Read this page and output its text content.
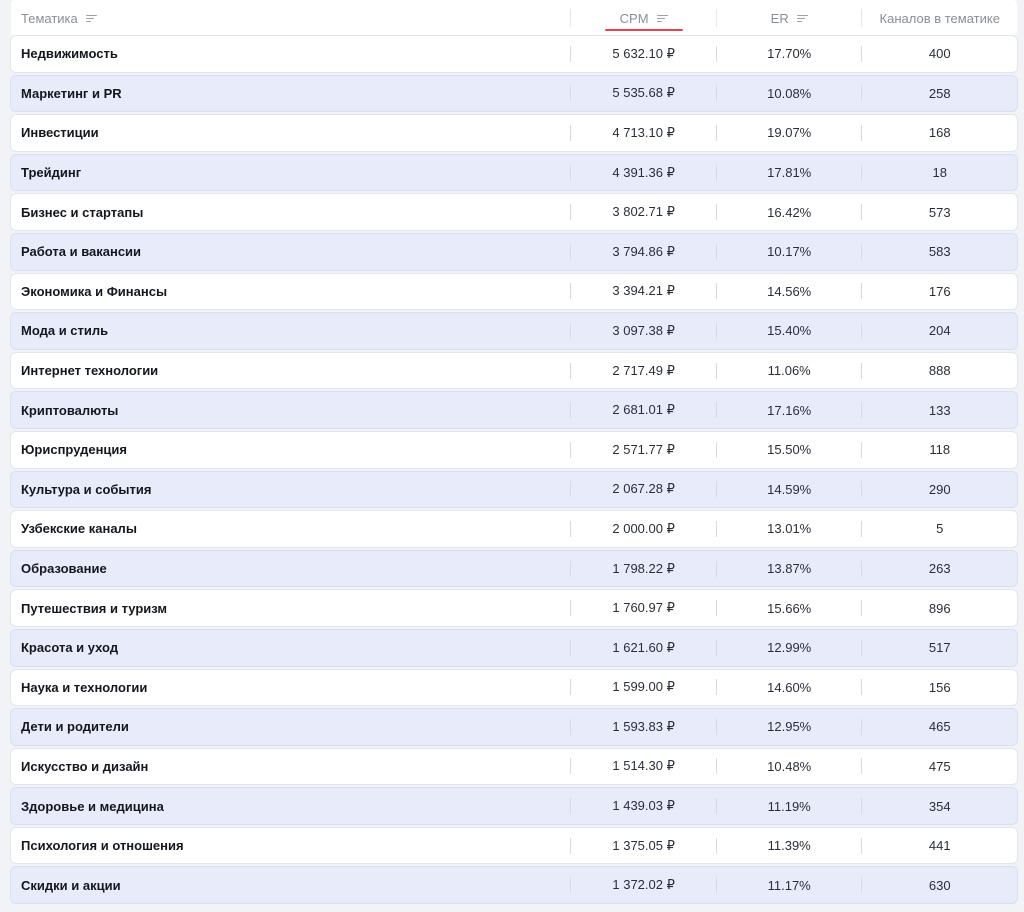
Тематика	CPM	ER	Каналов в тематике
Недвижимость	5 632.10 ₽	17.70%	400
Маркетинг и PR	5 535.68 ₽	10.08%	258
Инвестиции	4 713.10 ₽	19.07%	168
Трейдинг	4 391.36 ₽	17.81%	18
Бизнес и стартапы	3 802.71 ₽	16.42%	573
Работа и вакансии	3 794.86 ₽	10.17%	583
Экономика и Финансы	3 394.21 ₽	14.56%	176
Мода и стиль	3 097.38 ₽	15.40%	204
Интернет технологии	2 717.49 ₽	11.06%	888
Криптовалюты	2 681.01 ₽	17.16%	133
Юриспруденция	2 571.77 ₽	15.50%	118
Культура и события	2 067.28 ₽	14.59%	290
Узбекские каналы	2 000.00 ₽	13.01%	5
Образование	1 798.22 ₽	13.87%	263
Путешествия и туризм	1 760.97 ₽	15.66%	896
Красота и уход	1 621.60 ₽	12.99%	517
Наука и технологии	1 599.00 ₽	14.60%	156
Дети и родители	1 593.83 ₽	12.95%	465
Искусство и дизайн	1 514.30 ₽	10.48%	475
Здоровье и медицина	1 439.03 ₽	11.19%	354
Психология и отношения	1 375.05 ₽	11.39%	441
Скидки и акции	1 372.02 ₽	11.17%	630
